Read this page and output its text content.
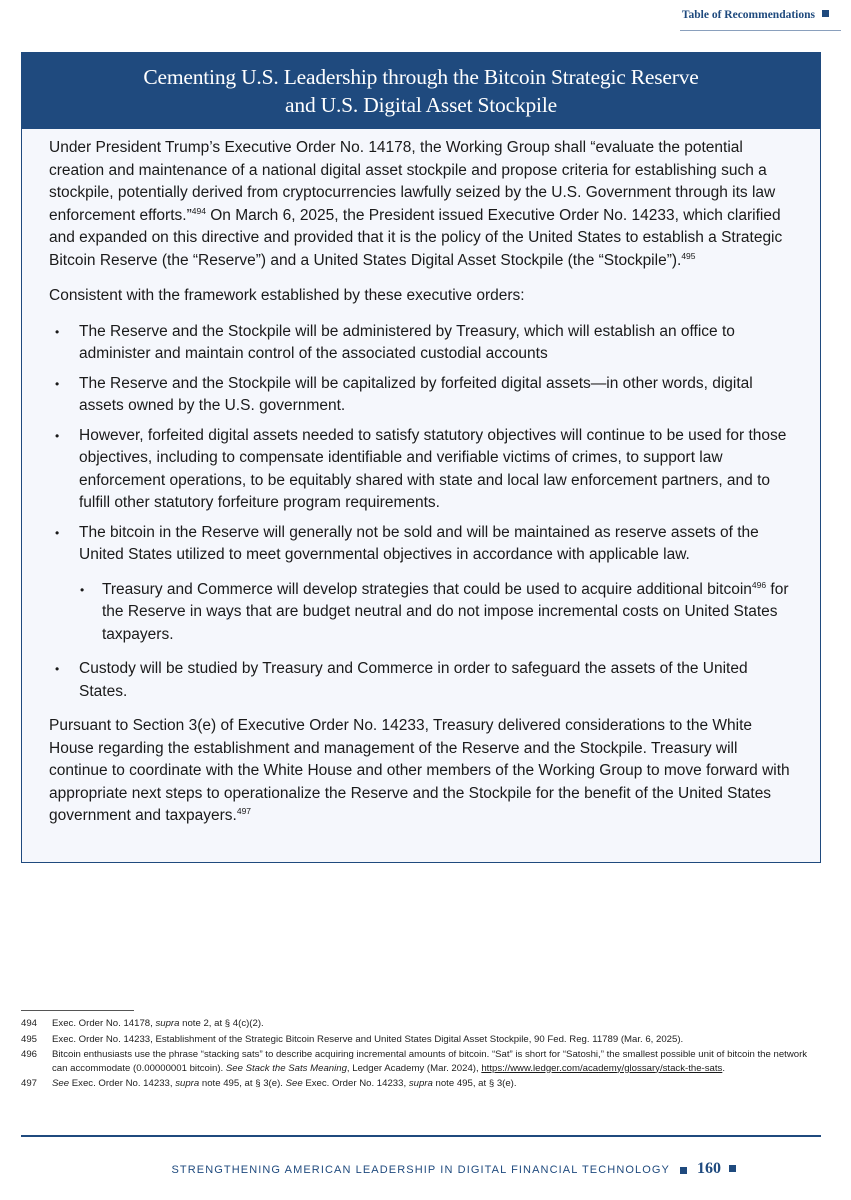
Table of Recommendations
Cementing U.S. Leadership through the Bitcoin Strategic Reserve
and U.S. Digital Asset Stockpile

Under President Trump’s Executive Order No. 14178, the Working Group shall “evaluate the potential creation and maintenance of a national digital asset stockpile and propose criteria for establishing such a stockpile, potentially derived from cryptocurrencies lawfully seized by the U.S. Government through its law enforcement efforts.”$^{494}$ On March 6, 2025, the President issued Executive Order No. 14233, which clarified and expanded on this directive and provided that it is the policy of the United States to establish a Strategic Bitcoin Reserve (the “Reserve”) and a United States Digital Asset Stockpile (the “Stockpile”).$^{495}$

Consistent with the framework established by these executive orders:

• The Reserve and the Stockpile will be administered by Treasury, which will establish an office to administer and maintain control of the associated custodial accounts
• The Reserve and the Stockpile will be capitalized by forfeited digital assets—in other words, digital assets owned by the U.S. government.
• However, forfeited digital assets needed to satisfy statutory objectives will continue to be used for those objectives, including to compensate identifiable and verifiable victims of crimes, to support law enforcement operations, to be equitably shared with state and local law enforcement partners, and to fulfill other statutory forfeiture program requirements.
• The bitcoin in the Reserve will generally not be sold and will be maintained as reserve assets of the United States utilized to meet governmental objectives in accordance with applicable law.
• Treasury and Commerce will develop strategies that could be used to acquire additional bitcoin$^{496}$ for the Reserve in ways that are budget neutral and do not impose incremental costs on United States taxpayers.
• Custody will be studied by Treasury and Commerce in order to safeguard the assets of the United States.

Pursuant to Section 3(e) of Executive Order No. 14233, Treasury delivered considerations to the White House regarding the establishment and management of the Reserve and the Stockpile. Treasury will continue to coordinate with the White House and other members of the Working Group to move forward with appropriate next steps to operationalize the Reserve and the Stockpile for the benefit of the United States government and taxpayers.$^{497}$

494	Exec. Order No. 14178, supra note 2, at § 4(c)(2).
495	Exec. Order No. 14233, Establishment of the Strategic Bitcoin Reserve and United States Digital Asset Stockpile, 90 Fed. Reg. 11789 (Mar. 6, 2025).
496	Bitcoin enthusiasts use the phrase “stacking sats” to describe acquiring incremental amounts of bitcoin. “Sat” is short for “Satoshi,” the smallest possible unit of bitcoin the network can accommodate (0.00000001 bitcoin). See Stack the Sats Meaning, Ledger Academy (Mar. 2024), https://www.ledger.com/academy/glossary/stack-the-sats.
497	See Exec. Order No. 14233, supra note 495, at § 3(e). See Exec. Order No. 14233, supra note 495, at § 3(e).
STRENGTHENING AMERICAN LEADERSHIP IN DIGITAL FINANCIAL TECHNOLOGY 160
